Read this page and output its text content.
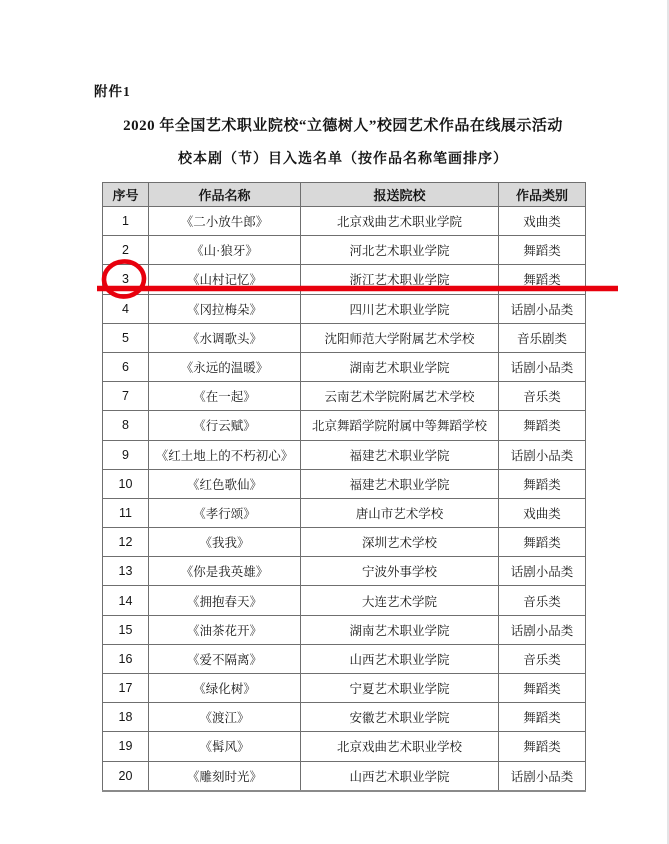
附件1
2020 年全国艺术职业院校“立德树人”校园艺术作品在线展示活动
校本剧（节）目入选名单（按作品名称笔画排序）
序号	作品名称	报送院校	作品类别
1	《二小放牛郎》	北京戏曲艺术职业学院	戏曲类
2	《山·狼牙》	河北艺术职业学院	舞蹈类
3	《山村记忆》	浙江艺术职业学院	舞蹈类
4	《冈拉梅朵》	四川艺术职业学院	话剧小品类
5	《水调歌头》	沈阳师范大学附属艺术学校	音乐剧类
6	《永远的温暖》	湖南艺术职业学院	话剧小品类
7	《在一起》	云南艺术学院附属艺术学校	音乐类
8	《行云赋》	北京舞蹈学院附属中等舞蹈学校	舞蹈类
9	《红土地上的不朽初心》	福建艺术职业学院	话剧小品类
10	《红色歌仙》	福建艺术职业学院	舞蹈类
11	《孝行颂》	唐山市艺术学校	戏曲类
12	《我我》	深圳艺术学校	舞蹈类
13	《你是我英雄》	宁波外事学校	话剧小品类
14	《拥抱春天》	大连艺术学院	音乐类
15	《油茶花开》	湖南艺术职业学院	话剧小品类
16	《爱不隔离》	山西艺术职业学院	音乐类
17	《绿化树》	宁夏艺术职业学院	舞蹈类
18	《渡江》	安徽艺术职业学院	舞蹈类
19	《髯风》	北京戏曲艺术职业学校	舞蹈类
20	《雕刻时光》	山西艺术职业学院	话剧小品类
